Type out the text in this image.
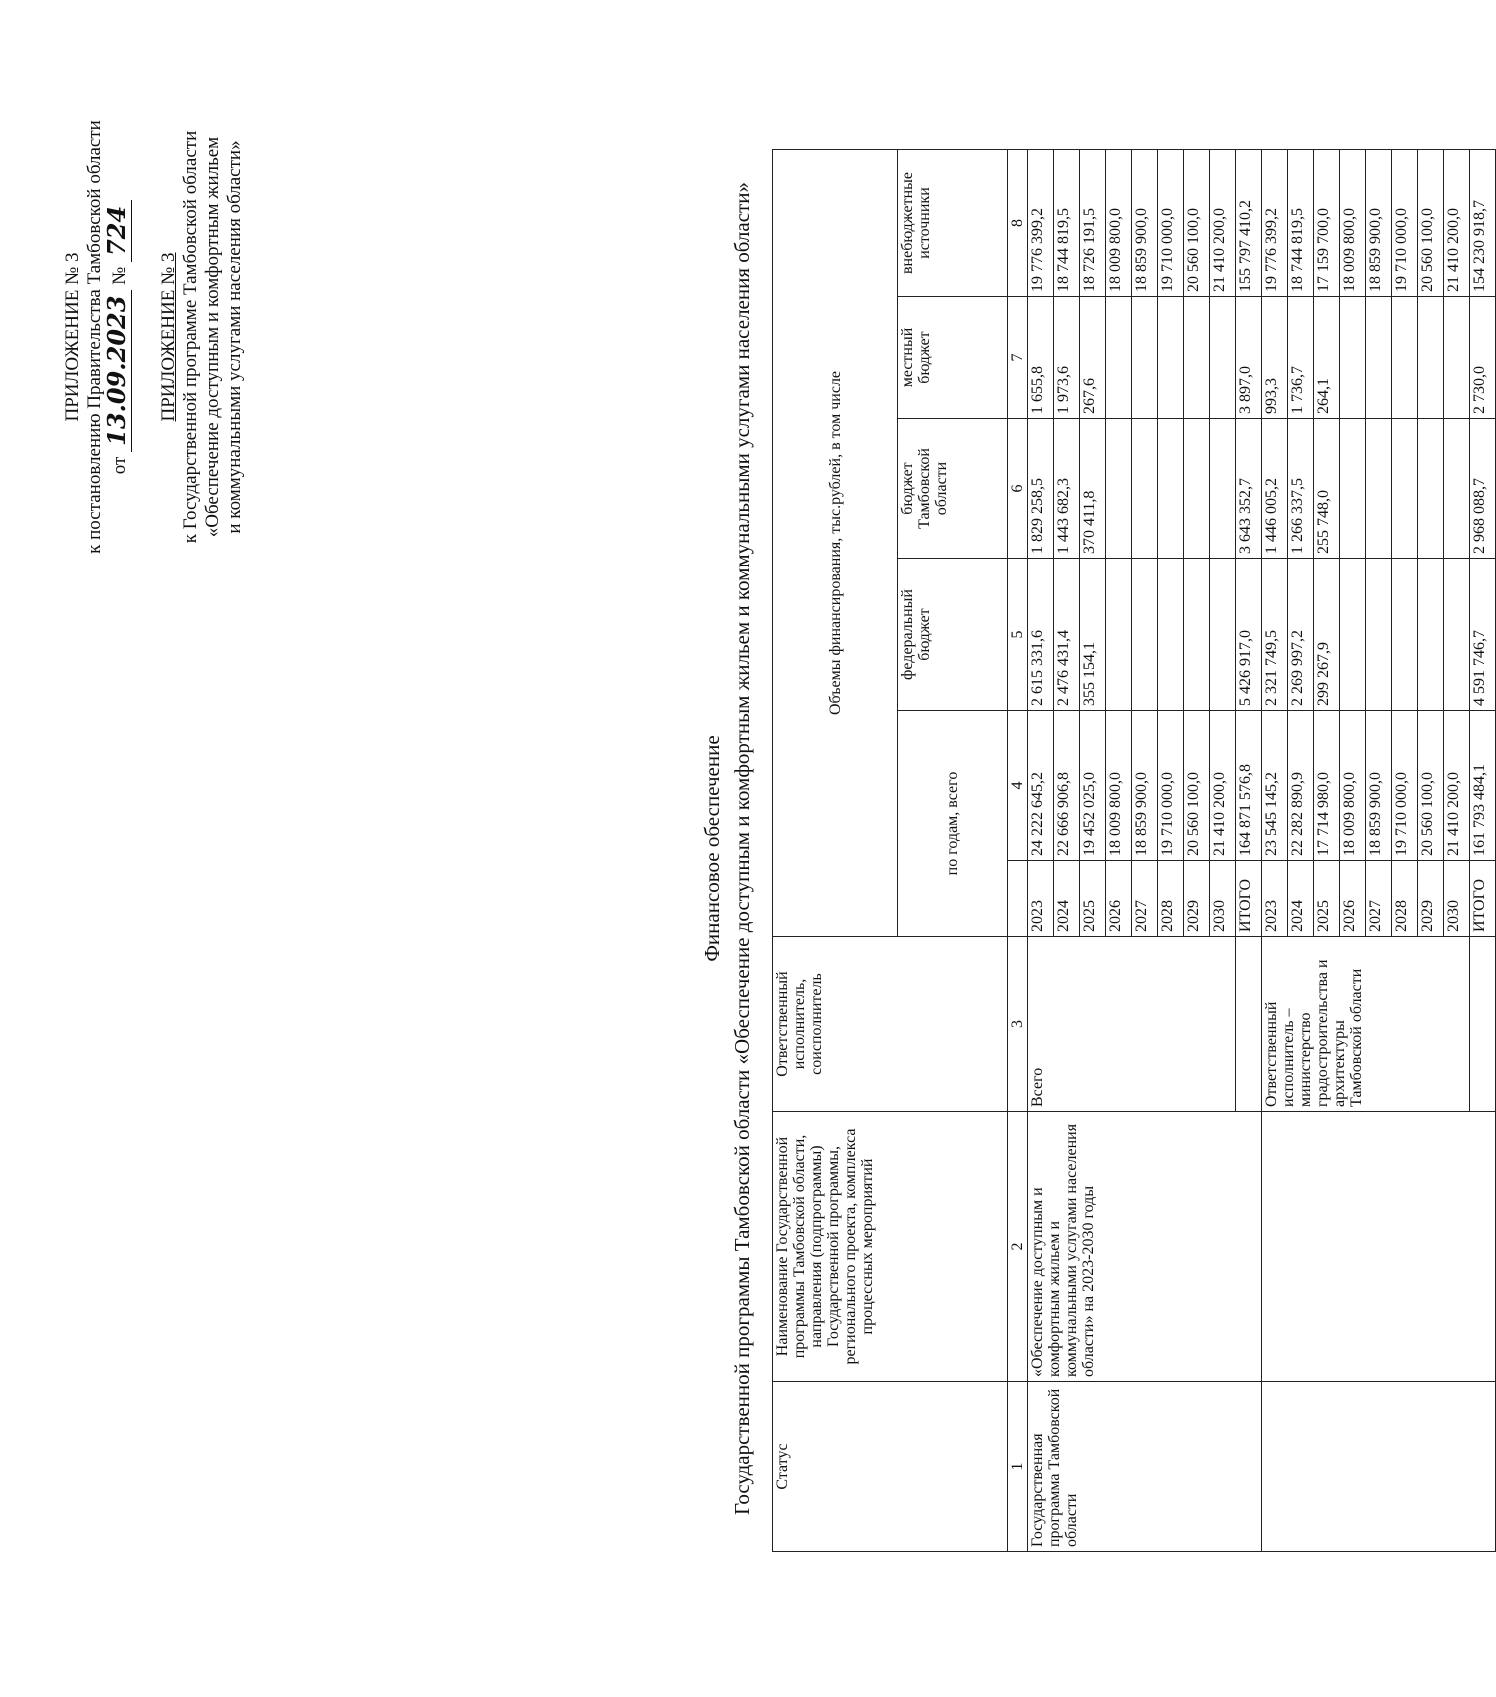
ПРИЛОЖЕНИЕ № 3 к постановлению Правительства Тамбовской области от 13.09.2023 № 724
ПРИЛОЖЕНИЕ № 3 к Государственной программе Тамбовской области «Обеспечение доступным и комфортным жильем и коммунальными услугами населения области»
Финансовое обеспечение Государственной программы Тамбовской области «Обеспечение доступным и комфортным жильем и коммунальными услугами населения области» Статус	Наименование Государственной программы Тамбовской области, направления (подпрограммы) Государственной программы, регионального проекта, комплекса процессных мероприятий	Ответственный исполнитель, соисполнитель	Объемы финансирования, тыс.рублей, в том числе					
			по годам, всего		федеральный бюджет	бюджет Тамбовской области	местный бюджет	внебюджетные источники
1	2	3		4	5	6	7	8
Государственная программа Тамбовской области	«Обеспечение доступным и комфортным жильем и коммунальными услугами населения области» на 2023-2030 годы	Всего	2023	24 222 645,2	2 615 331,6	1 829 258,5	1 655,8	19 776 399,2
			2024	22 666 906,8	2 476 431,4	1 443 682,3	1 973,6	18 744 819,5
			2025	19 452 025,0	355 154,1	370 411,8	267,6	18 726 191,5
			2026	18 009 800,0				18 009 800,0
			2027	18 859 900,0				18 859 900,0
			2028	19 710 000,0				19 710 000,0
			2029	20 560 100,0				20 560 100,0
			2030	21 410 200,0				21 410 200,0
			ИТОГО	164 871 576,8	5 426 917,0	3 643 352,7	3 897,0	155 797 410,2
		Ответственный исполнитель – министерство градостроительства и архитектуры Тамбовской области	2023	23 545 145,2	2 321 749,5	1 446 005,2	993,3	19 776 399,2
			2024	22 282 890,9	2 269 997,2	1 266 337,5	1 736,7	18 744 819,5
			2025	17 714 980,0	299 267,9	255 748,0	264,1	17 159 700,0
			2026	18 009 800,0				18 009 800,0
			2027	18 859 900,0				18 859 900,0
			2028	19 710 000,0				19 710 000,0
			2029	20 560 100,0				20 560 100,0
			2030	21 410 200,0				21 410 200,0
			ИТОГО	161 793 484,1	4 591 746,7	2 968 088,7	2 730,0	154 230 918,7
